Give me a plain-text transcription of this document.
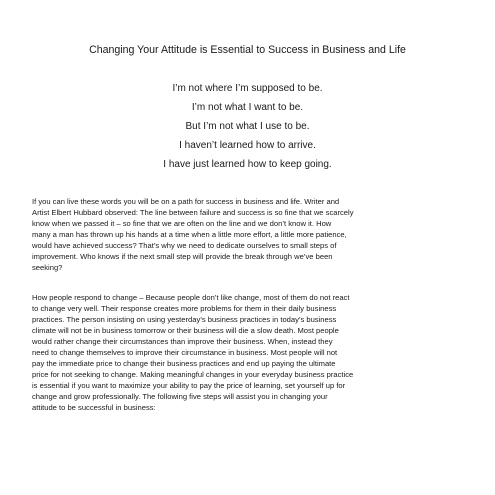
Changing Your Attitude is Essential to Success in Business and Life
I’m not where I’m supposed to be.
I’m not what I want to be.
But I’m not what I use to be.
I haven’t learned how to arrive.
I have just learned how to keep going.
If you can live these words you will be on a path for success in business and life. Writer and
Artist Elbert Hubbard observed: The line between failure and success is so fine that we scarcely
know when we passed it – so fine that we are often on the line and we don’t know it. How
many a man has thrown up his hands at a time when a little more effort, a little more patience,
would have achieved success? That’s why we need to dedicate ourselves to small steps of
improvement. Who knows if the next small step will provide the break through we’ve been
seeking?
How people respond to change – Because people don’t like change, most of them do not react
to change very well. Their response creates more problems for them in their daily business
practices. The person insisting on using yesterday’s business practices in today’s business
climate will not be in business tomorrow or their business will die a slow death. Most people
would rather change their circumstances than improve their business. When, instead they
need to change themselves to improve their circumstance in business. Most people will not
pay the immediate price to change their business practices and end up paying the ultimate
price for not seeking to change. Making meaningful changes in your everyday business practice
is essential if you want to maximize your ability to pay the price of learning, set yourself up for
change and grow professionally. The following five steps will assist you in changing your
attitude to be successful in business:
